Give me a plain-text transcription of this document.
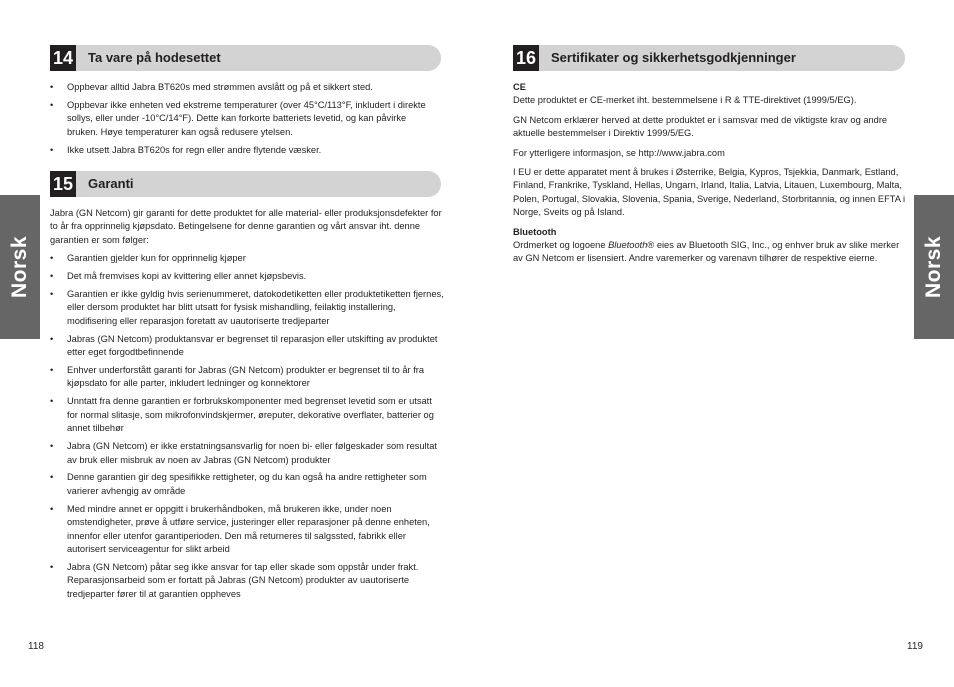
Norsk
14 Ta vare på hodesettet
• Oppbevar alltid Jabra BT620s med strømmen avslått og på et sikkert sted.
• Oppbevar ikke enheten ved ekstreme temperaturer (over 45°C/113°F, inkludert i direkte sollys, eller under -10°C/14°F). Dette kan forkorte batteriets levetid, og kan påvirke bruken. Høye temperaturer kan også redusere ytelsen.
• Ikke utsett Jabra BT620s for regn eller andre flytende væsker.
15 Garanti

Jabra (GN Netcom) gir garanti for dette produktet for alle material- eller produksjonsdefekter for to år fra opprinnelig kjøpsdato. Betingelsene for denne garantien og vårt ansvar iht. denne garantien er som følger:

• Garantien gjelder kun for opprinnelig kjøper
• Det må fremvises kopi av kvittering eller annet kjøpsbevis.
• Garantien er ikke gyldig hvis serienummeret, datokodetiketten eller produktetiketten fjernes, eller dersom produktet har blitt utsatt for fysisk mishandling, feilaktig installering, modifisering eller reparasjon foretatt av uautoriserte tredjeparter
• Jabras (GN Netcom) produktansvar er begrenset til reparasjon eller utskifting av produktet etter eget forgodtbefinnende
• Enhver underforstått garanti for Jabras (GN Netcom) produkter er begrenset til to år fra kjøpsdato for alle parter, inkludert ledninger og konnektorer
• Unntatt fra denne garantien er forbrukskomponenter med begrenset levetid som er utsatt for normal slitasje, som mikrofonvindskjermer, øreputer, dekorative overflater, batterier og annet tilbehør
• Jabra (GN Netcom) er ikke erstatningsansvarlig for noen bi- eller følgeskader som resultat av bruk eller misbruk av noen av Jabras (GN Netcom) produkter
• Denne garantien gir deg spesifikke rettigheter, og du kan også ha andre rettigheter som varierer avhengig av område
• Med mindre annet er oppgitt i brukerhåndboken, må brukeren ikke, under noen omstendigheter, prøve å utføre service, justeringer eller reparasjoner på denne enheten, innenfor eller utenfor garantiperioden. Den må returneres til salgssted, fabrikk eller autorisert serviceagentur for slikt arbeid
• Jabra (GN Netcom) påtar seg ikke ansvar for tap eller skade som oppstår under frakt. Reparasjonsarbeid som er fortatt på Jabras (GN Netcom) produkter av uautoriserte tredjeparter fører til at garantien oppheves
118
16 Sertifikater og sikkerhetsgodkjenninger

CE

Dette produktet er CE-merket iht. bestemmelsene i R & TTE-direktivet (1999/5/EG).

GN Netcom erklærer herved at dette produktet er i samsvar med de viktigste krav og andre aktuelle bestemmelser i Direktiv 1999/5/EG.

For ytterligere informasjon, se http://www.jabra.com

I EU er dette apparatet ment å brukes i Østerrike, Belgia, Kypros, Tsjekkia, Danmark, Estland, Finland, Frankrike, Tyskland, Hellas, Ungarn, Irland, Italia, Latvia, Litauen, Luxembourg, Malta, Polen, Portugal, Slovakia, Slovenia, Spania, Sverige, Nederland, Storbritannia, og innen EFTA i Norge, Sveits og på Island.

Bluetooth

Ordmerket og logoene Bluetooth® eies av Bluetooth SIG, Inc., og enhver bruk av slike merker av GN Netcom er lisensiert. Andre varemerker og varenavn tilhører de respektive eierne.	Norsk
119
